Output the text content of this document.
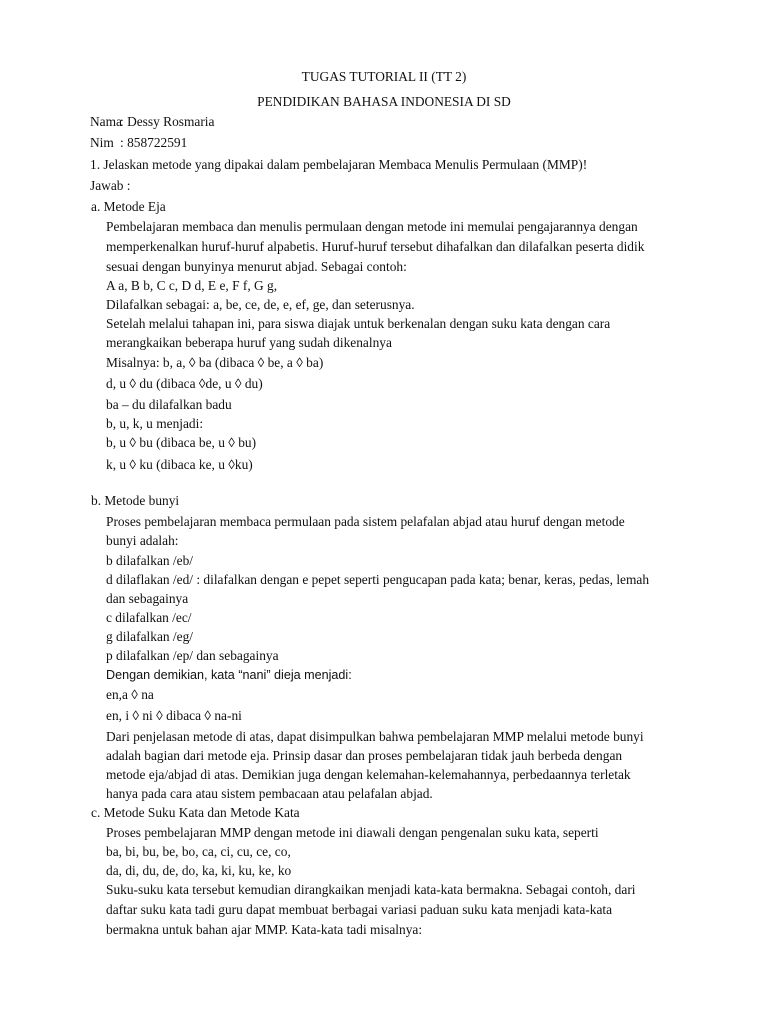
TUGAS TUTORIAL II (TT 2)
PENDIDIKAN BAHASA INDONESIA DI SD
Nama
: Dessy Rosmaria
Nim : 858722591
1. Jelaskan metode yang dipakai dalam pembelajaran Membaca Menulis Permulaan (MMP)!
Jawab :
a. Metode Eja
Pembelajaran membaca dan menulis permulaan dengan metode ini memulai pengajarannya dengan
memperkenalkan huruf-huruf alpabetis. Huruf-huruf tersebut dihafalkan dan dilafalkan peserta didik
sesuai dengan bunyinya menurut abjad. Sebagai contoh:
A a, B b, C c, D d, E e, F f, G g,
Dilafalkan sebagai: a, be, ce, de, e, ef, ge, dan seterusnya.
Setelah melalui tahapan ini, para siswa diajak untuk berkenalan dengan suku kata dengan cara
merangkaikan beberapa huruf yang sudah dikenalnya
Misalnya: b, a, ◊ ba (dibaca ◊ be, a ◊ ba)
d, u ◊ du (dibaca ◊de, u ◊ du)
ba – du dilafalkan badu
b, u, k, u menjadi:
b, u ◊ bu (dibaca be, u ◊ bu)
k, u ◊ ku (dibaca ke, u ◊ku)
b. Metode bunyi
Proses pembelajaran membaca permulaan pada sistem pelafalan abjad atau huruf dengan metode
bunyi adalah:
b dilafalkan /eb/
d dilaflakan /ed/ : dilafalkan dengan e pepet seperti pengucapan pada kata; benar, keras, pedas, lemah
dan sebagainya
c dilafalkan /ec/
g dilafalkan /eg/
p dilafalkan /ep/ dan sebagainya
Dengan demikian, kata “nani” dieja menjadi:
en,a ◊ na
en, i ◊ ni ◊ dibaca ◊ na-ni
Dari penjelasan metode di atas, dapat disimpulkan bahwa pembelajaran MMP melalui metode bunyi
adalah bagian dari metode eja. Prinsip dasar dan proses pembelajaran tidak jauh berbeda dengan
metode eja/abjad di atas. Demikian juga dengan kelemahan-kelemahannya, perbedaannya terletak
hanya pada cara atau sistem pembacaan atau pelafalan abjad.
c. Metode Suku Kata dan Metode Kata
Proses pembelajaran MMP dengan metode ini diawali dengan pengenalan suku kata, seperti
ba, bi, bu, be, bo, ca, ci, cu, ce, co,
da, di, du, de, do, ka, ki, ku, ke, ko
Suku-suku kata tersebut kemudian dirangkaikan menjadi kata-kata bermakna. Sebagai contoh, dari
daftar suku kata tadi guru dapat membuat berbagai variasi paduan suku kata menjadi kata-kata
bermakna untuk bahan ajar MMP. Kata-kata tadi misalnya:
